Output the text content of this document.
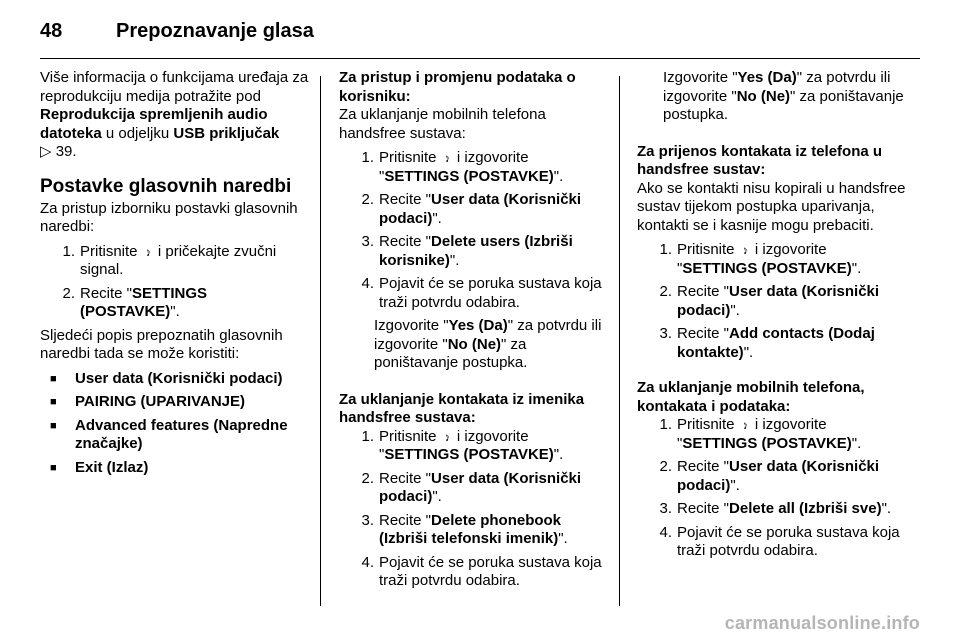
48	Prepoznavanje glasa

Više informacija o funkcijama uređaja za reprodukciju medija potražite pod Reprodukcija spremljenih audio datoteka u odjeljku USB priključak
▷ 39.

Postavke glasovnih naredbi

Za pristup izborniku postavki glasovnih naredbi:

1. Pritisnite ♪ i pričekajte zvučni signal.
2. Recite "SETTINGS (POSTAVKE)".

Sljedeći popis prepoznatih glasovnih naredbi tada se može koristiti:

■	User data (Korisnički podaci)
■	PAIRING (UPARIVANJE)
■	Advanced features (Napredne značajke)
■	Exit (Izlaz)
Za pristup i promjenu podataka o korisniku:

Za uklanjanje mobilnih telefona handsfree sustava:

1. Pritisnite ♪ i izgovorite
"SETTINGS (POSTAVKE)".
2. Recite "User data (Korisnički podaci)".
3. Recite "Delete users (Izbriši korisnike)".
4. Pojavit će se poruka sustava koja traži potvrdu odabira.

Izgovorite "Yes (Da)" za potvrdu ili izgovorite "No (Ne)" za poništavanje postupka.

Za uklanjanje kontakata iz imenika handsfree sustava:
1. Pritisnite ♪ i izgovorite
"SETTINGS (POSTAVKE)".
2. Recite "User data (Korisnički podaci)".
3. Recite "Delete phonebook (Izbriši telefonski imenik)".
4. Pojavit će se poruka sustava koja traži potvrdu odabira.

Izgovorite "Yes (Da)" za potvrdu ili izgovorite "No (Ne)" za poništavanje postupka.

Za prijenos kontakata iz telefona u handsfree sustav:

Ako se kontakti nisu kopirali u handsfree sustav tijekom postupka uparivanja, kontakti se i kasnije mogu prebaciti.

1. Pritisnite ♪ i izgovorite
"SETTINGS (POSTAVKE)".
2. Recite "User data (Korisnički podaci)".
3. Recite "Add contacts (Dodaj kontakte)".
Za uklanjanje mobilnih telefona, kontakata i podataka:
1. Pritisnite ♪ i izgovorite
"SETTINGS (POSTAVKE)".
2. Recite "User data (Korisnički podaci)".
3. Recite "Delete all (Izbriši sve)".
4. Pojavit će se poruka sustava koja traži potvrdu odabira.
carmanualsonline.info
